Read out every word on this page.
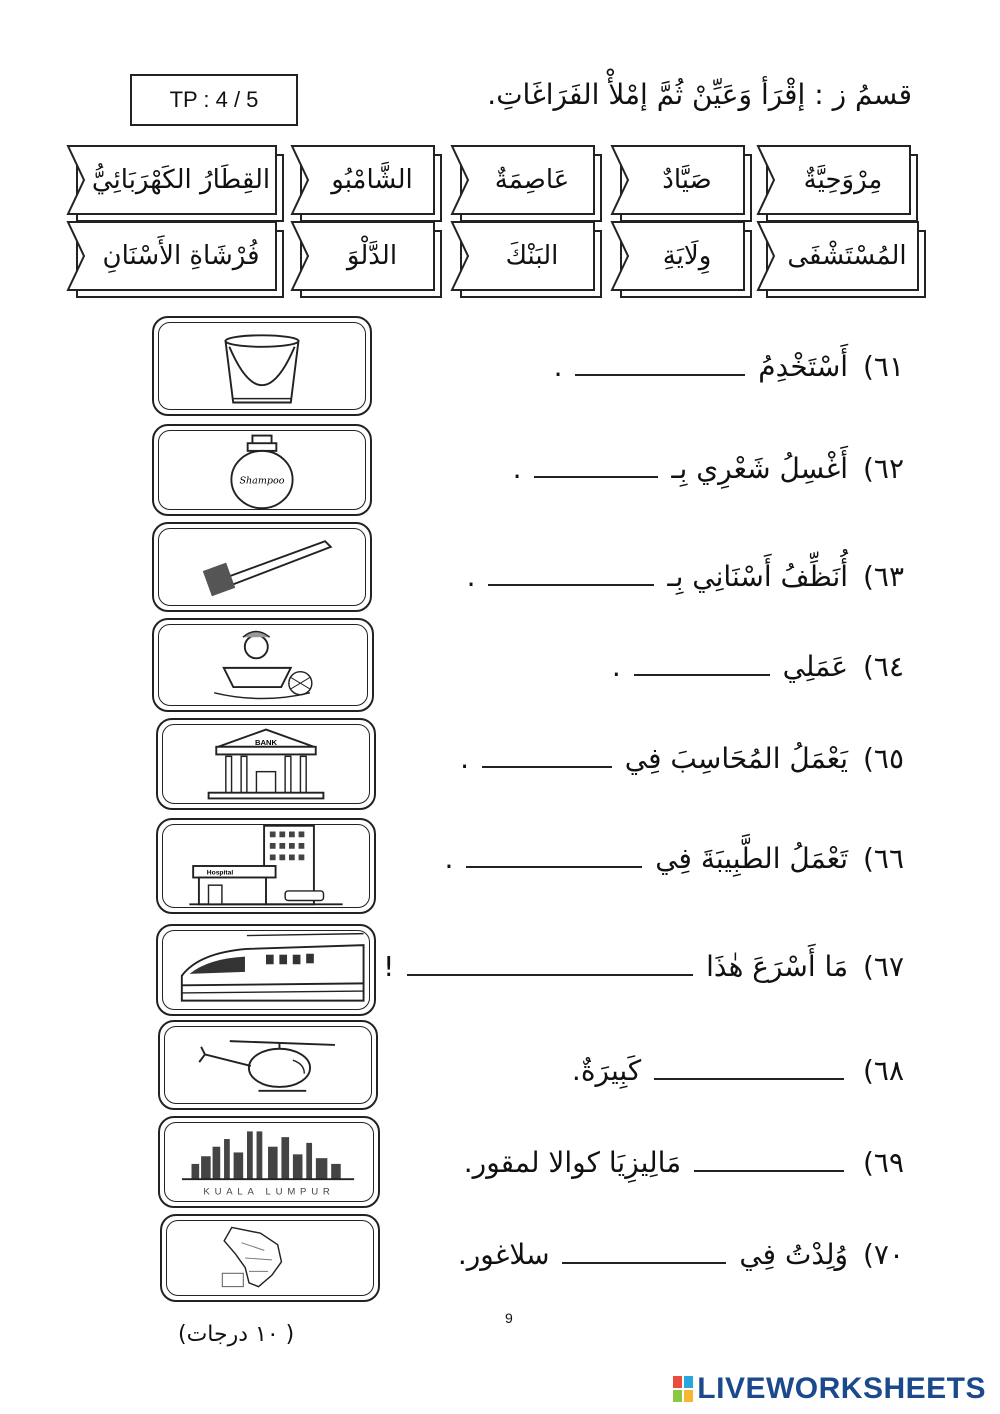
TP : 4 / 5	قسمُ ز : إقْرَأ وَعَيِّنْ ثُمَّ إمْلأْ الفَرَاغَاتِ.
القِطَارُ الكَهْرَبَائِيُّ	الشَّامْبُو	عَاصِمَةٌ	صَيَّادٌ	مِرْوَحِيَّةٌ
فُرْشَاةِ الأَسْنَانِ	الدَّلْوَ	البَنْكَ	وِلَايَةِ	المُسْتَشْفَى
Shampoo
BANK
Hospital
KUALA LUMPUR
٦١) أَسْتَخْدِمُ  .
٦٢) أَغْسِلُ شَعْرِي بِـ  .
٦٣) أُنَظِّفُ أَسْنَانِي بِـ  .
٦٤) عَمَلِي  .
٦٥) يَعْمَلُ المُحَاسِبَ فِي  .
٦٦) تَعْمَلُ الطَّبِيبَةَ فِي  .
٦٧) مَا أَسْرَعَ هٰذَا  !
٦٨)  كَبِيرَةٌ.
٦٩)  مَالِيزِيَا كوالا لمقور.
٧٠) وُلِدْتُ فِي  سلاغور.
9
( ١٠ درجات)
LIVEWORKSHEETS
